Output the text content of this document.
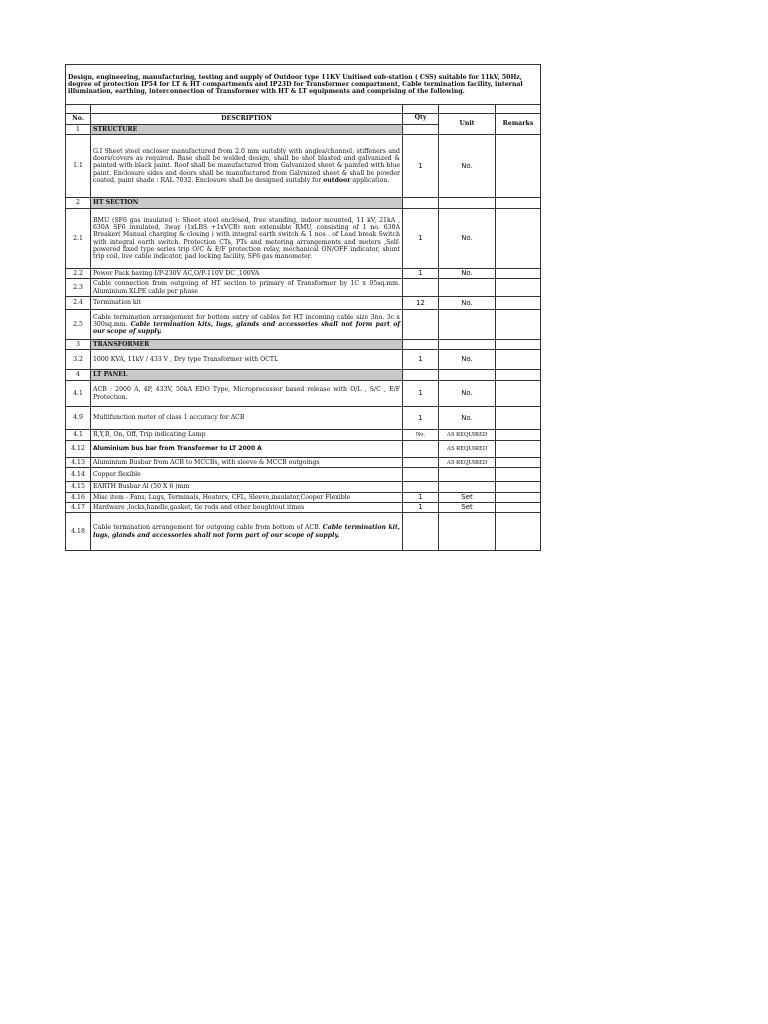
Design, engineering, manufacturing, testing and supply of Outdoor type 11KV Unitised sub-station ( CSS) suitable for 11kV, 50Hz, degree of protection IP54 for LT & HT compartments and IP23D for Transformer compartment, Cable termination facility, internal illumination, earthing, interconnection of Transformer with HT & LT equipments and comprising of the following.				

No.	DESCRIPTION	Qty	Unit	Remarks
1	STRUCTURE			
1.1	G.I Sheet steel encloser manufactured from 2.0 mm suitably with angles/channel, stiffeners and doors/covers as required. Base shall be welded design, shall be shot blasted and galvanized & painted with black paint. Roof shall be manufactured from Galvanized sheet & painted with blue paint. Enclosure sides and doors shall be manufactured from Galvnized sheet & shall be powder coated, paint shade : RAL 7032. Enclosure shall be designed suitably for outdoor application.	1	No.	
2	HT SECTION			
2.1	RMU (SF6 gas insulated ): Sheet steel enclosed, free standing, indoor mounted, 11 kV, 21kA , 630A SF6 insulated, 3way (1xLBS +1xVCB) non extensible RMU, consisting of 1 no. 630A Breaker( Manual charging & closing ) with integral earth switch & 1 nos . of Load break Switch with integral earth switch. Protection CTs, PTs and metering arrangements and meters ,Self-powered fixed type series trip O/C & E/F protection relay, mechanical ON/OFF indicator, shunt trip coil, live cable indicator, pad locking facility, SF6 gas manometer.	1	No.	
2.2	Power Pack having I/P-230V AC,O/P-110V DC ,100VA	1	No.	
2.3	Cable connection from outgoing of HT section to primary of Transformer by 1C x 95sq.mm. Aluminium XLPE cable per phase			
2.4	Termination kit	12	No.	
2.5	Cable termination arrangement for bottom entry of cables for HT incoming cable size 3no. 3c x 300sq.mm. Cable termination kits, lugs, glands and accessories shall not form part of our scope of supply.			
3	TRANSFORMER			
3.2	1000 KVA, 11kV / 433 V , Dry type Transformer with OCTL	1	No.	
4	LT PANEL			
4.1	ACB : 2000 A, 4P, 433V, 50kA EDO Type, Microprocessor based release with O/L , S/C , E/F Protection.	1	No.	
4.9	Multifunction meter of class 1 accuracy for ACB	1	No.	
4.1	R,Y,B, On, Off, Trip indicating Lamp	No.	AS REQUIRED	
4.12	Aluminium bus bar from Transformer to LT 2000 A		AS REQUIRED	
4.13	Aluminium Busbar from ACB to MCCBs, with sleeve & MCCB outgoings		AS REQUIRED	
4.14	Copper flexible			
4.15	EARTH Busbar Al (50 X 6 )mm			
4.16	Misc item - Fans, Lugs, Terminals, Heaters, CFL, Sleeve,insulator,Cooper Flexible	1	Set	
4.17	Hardware ,locks,handle,gasket, tie rods and other boughtout itmes	1	Set	
4.18	Cable termination arrangement for outgoing cable from bottom of ACB. Cable termination kit, lugs, glands and accessories shall not form part of our scope of supply.			
